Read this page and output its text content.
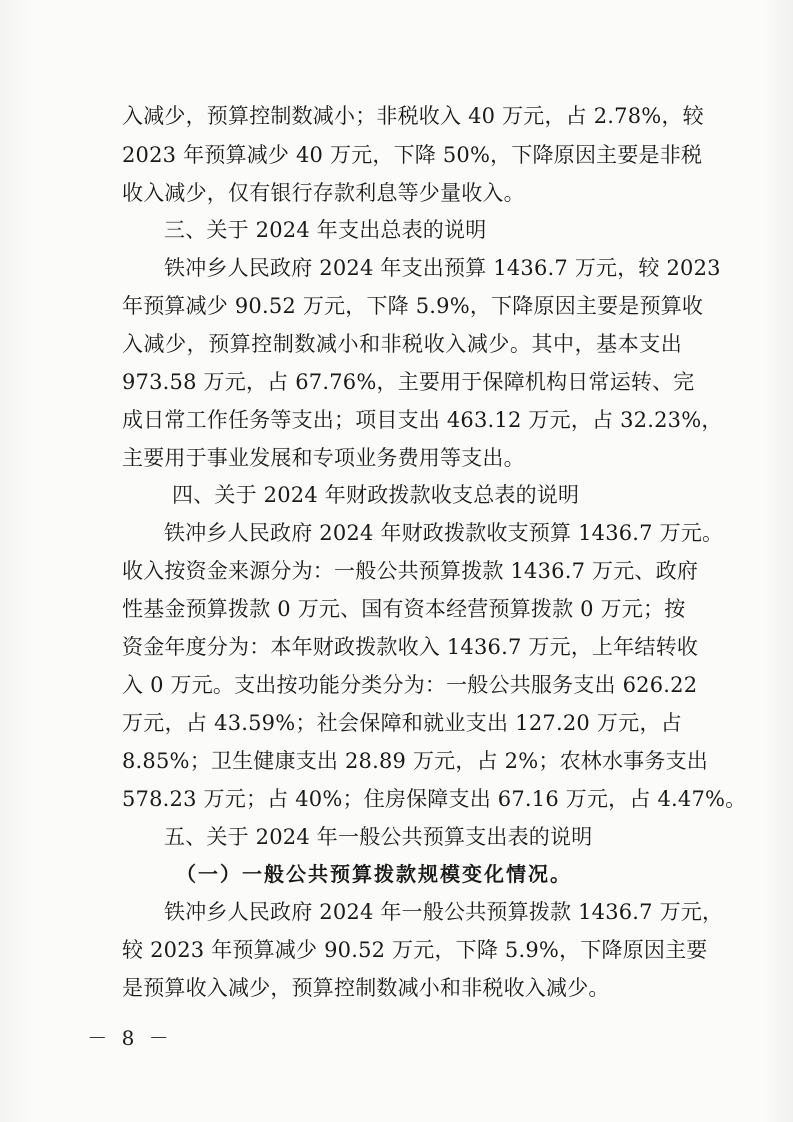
入减少，预算控制数减小；非税收入 40 万元，占 2.78%，较
2023 年预算减少 40 万元，下降 50%，下降原因主要是非税
收入减少，仅有银行存款利息等少量收入。
三、关于 2024 年支出总表的说明
铁冲乡人民政府 2024 年支出预算 1436.7 万元，较 2023
年预算减少 90.52 万元，下降 5.9%，下降原因主要是预算收
入减少，预算控制数减小和非税收入减少。其中，基本支出
973.58 万元，占 67.76%，主要用于保障机构日常运转、完
成日常工作任务等支出；项目支出 463.12 万元，占 32.23%，
主要用于事业发展和专项业务费用等支出。
四、关于 2024 年财政拨款收支总表的说明
铁冲乡人民政府 2024 年财政拨款收支预算 1436.7 万元。
收入按资金来源分为：一般公共预算拨款 1436.7 万元、政府
性基金预算拨款 0 万元、国有资本经营预算拨款 0 万元；按
资金年度分为：本年财政拨款收入 1436.7 万元，上年结转收
入 0 万元。支出按功能分类分为：一般公共服务支出 626.22
万元，占 43.59%；社会保障和就业支出 127.20 万元，占
8.85%；卫生健康支出 28.89 万元，占 2%；农林水事务支出
578.23 万元；占 40%；住房保障支出 67.16 万元，占 4.47%。
五、关于 2024 年一般公共预算支出表的说明
（一）一般公共预算拨款规模变化情况。
铁冲乡人民政府 2024 年一般公共预算拨款 1436.7 万元，
较 2023 年预算减少 90.52 万元，下降 5.9%，下降原因主要
是预算收入减少，预算控制数减小和非税收入减少。
－ 8 －
